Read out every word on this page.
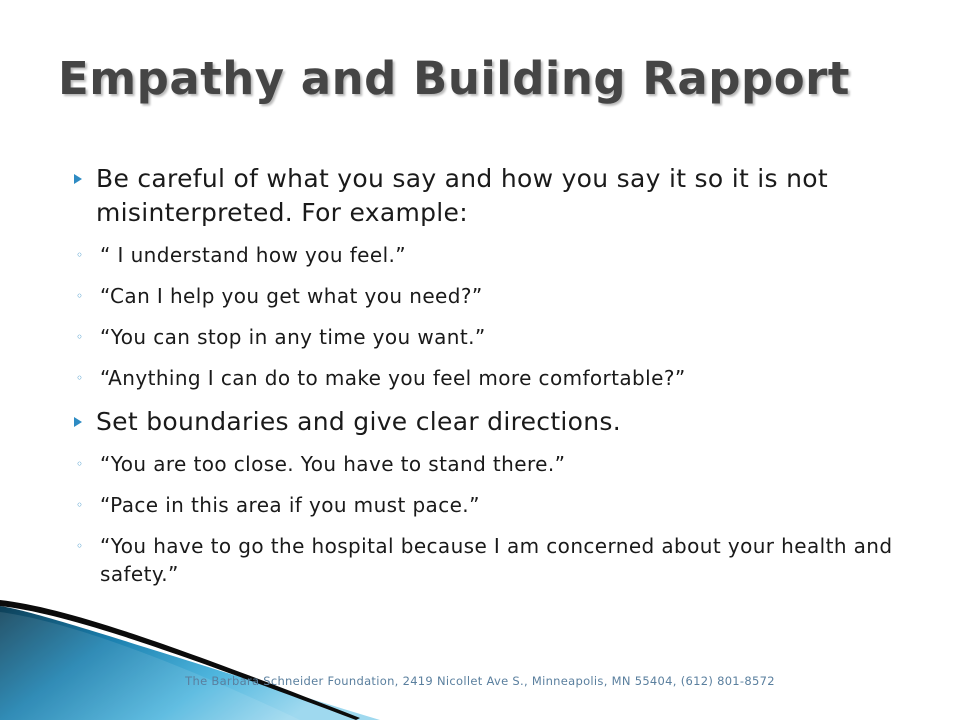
Empathy and Building Rapport
Be careful of what you say and how you say it so it is not misinterpreted. For example:
◦ “ I understand how you feel.”
◦ “Can I help you get what you need?”
◦ “You can stop in any time you want.”
◦ “Anything I can do to make you feel more comfortable?”
Set boundaries and give clear directions.
◦ “You are too close. You have to stand there.”
◦ “Pace in this area if you must pace.”
◦ “You have to go the hospital because I am concerned about your health and safety.”
The Barbara Schneider Foundation, 2419 Nicollet Ave S., Minneapolis, MN 55404, (612) 801-8572
